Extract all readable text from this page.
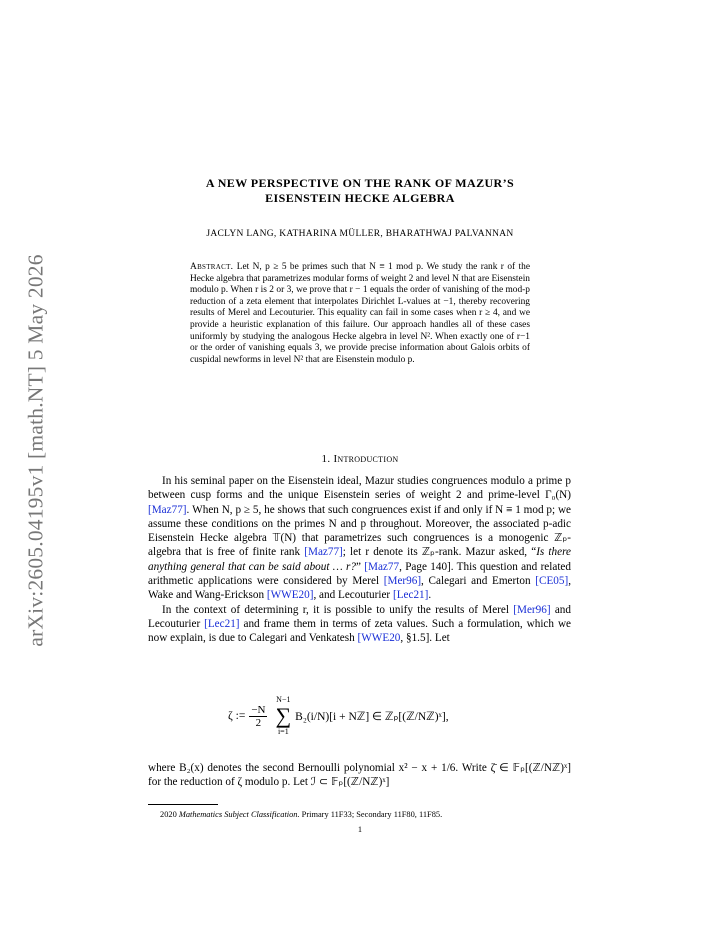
arXiv:2605.04195v1 [math.NT] 5 May 2026
A NEW PERSPECTIVE ON THE RANK OF MAZUR’S
EISENSTEIN HECKE ALGEBRA
JACLYN LANG, KATHARINA MÜLLER, BHARATHWAJ PALVANNAN
Abstract. Let N, p ≥ 5 be primes such that N ≡ 1 mod p. We study the rank r of the Hecke algebra that parametrizes modular forms of weight 2 and level N that are Eisenstein modulo p. When r is 2 or 3, we prove that r − 1 equals the order of vanishing of the mod-p reduction of a zeta element that interpolates Dirichlet L-values at −1, thereby recovering results of Merel and Lecouturier. This equality can fail in some cases when r ≥ 4, and we provide a heuristic explanation of this failure. Our approach handles all of these cases uniformly by studying the analogous Hecke algebra in level N². When exactly one of r−1 or the order of vanishing equals 3, we provide precise information about Galois orbits of cuspidal newforms in level N² that are Eisenstein modulo p.
1. Introduction

In his seminal paper on the Eisenstein ideal, Mazur studies congruences modulo a prime p between cusp forms and the unique Eisenstein series of weight 2 and prime-level Γ₀(N) [Maz77]. When N, p ≥ 5, he shows that such congruences exist if and only if N ≡ 1 mod p; we assume these conditions on the primes N and p throughout. Moreover, the associated p-adic Eisenstein Hecke algebra 𝕋(N) that parametrizes such congruences is a monogenic ℤₚ-algebra that is free of finite rank [Maz77]; let r denote its ℤₚ-rank. Mazur asked, “Is there anything general that can be said about … r?” [Maz77, Page 140]. This question and related arithmetic applications were considered by Merel [Mer96], Calegari and Emerton [CE05], Wake and Wang-Erickson [WWE20], and Lecouturier [Lec21].

In the context of determining r, it is possible to unify the results of Merel [Mer96] and Lecouturier [Lec21] and frame them in terms of zeta values. Such a formulation, which we now explain, is due to Calegari and Venkatesh [WWE20, §1.5]. Let

ζ := $\frac{-N}{2}$
N−1
∑
i=1
B₂(i/N)[i + Nℤ] ∈ ℤₚ[(ℤ/Nℤ)ˣ],
where B₂(x) denotes the second Bernoulli polynomial x² − x + 1/6. Write ζ̄ ∈ 𝔽ₚ[(ℤ/Nℤ)ˣ] for the reduction of ζ modulo p. Let ℐ ⊂ 𝔽ₚ[(ℤ/Nℤ)ˣ]
2020 Mathematics Subject Classification. Primary 11F33; Secondary 11F80, 11F85.
1
